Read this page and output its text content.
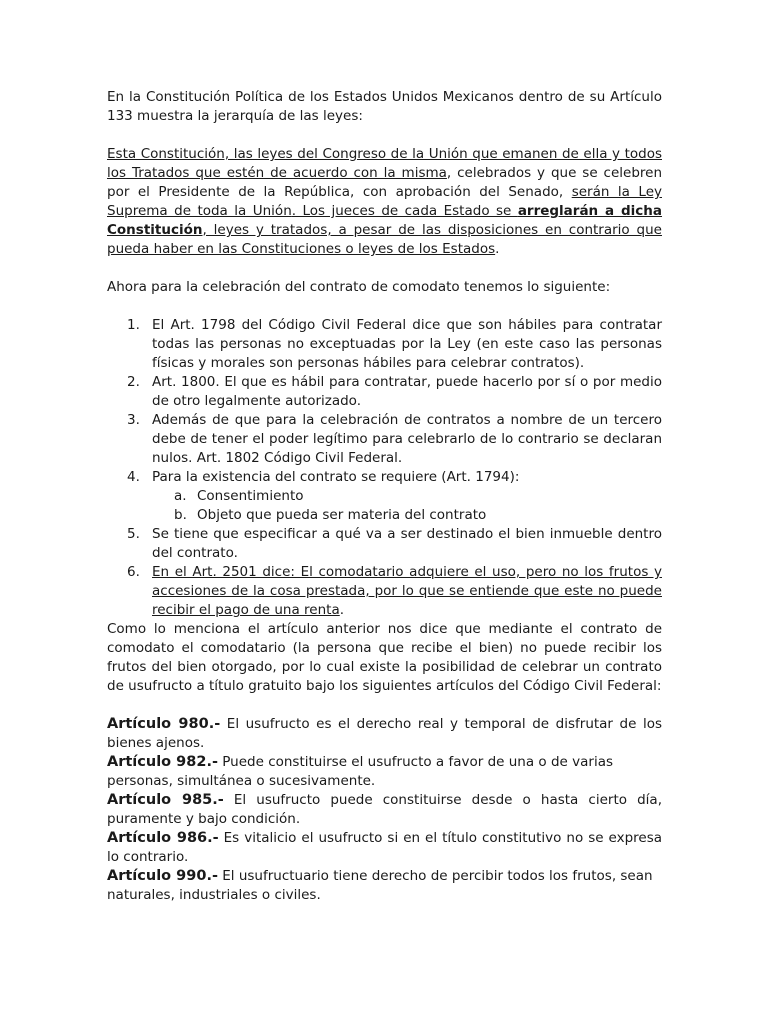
En la Constitución Política de los Estados Unidos Mexicanos dentro de su Artículo 133 muestra la jerarquía de las leyes:

Esta Constitución, las leyes del Congreso de la Unión que emanen de ella y todos los Tratados que estén de acuerdo con la misma, celebrados y que se celebren por el Presidente de la República, con aprobación del Senado, serán la Ley Suprema de toda la Unión. Los jueces de cada Estado se arreglarán a dicha Constitución, leyes y tratados, a pesar de las disposiciones en contrario que pueda haber en las Constituciones o leyes de los Estados.

Ahora para la celebración del contrato de comodato tenemos lo siguiente:

1. El Art. 1798 del Código Civil Federal dice que son hábiles para contratar todas las personas no exceptuadas por la Ley (en este caso las personas físicas y morales son personas hábiles para celebrar contratos).
2. Art. 1800. El que es hábil para contratar, puede hacerlo por sí o por medio de otro legalmente autorizado.
3. Además de que para la celebración de contratos a nombre de un tercero debe de tener el poder legítimo para celebrarlo de lo contrario se declaran nulos. Art. 1802 Código Civil Federal.
4. Para la existencia del contrato se requiere (Art. 1794):
a. Consentimiento
b. Objeto que pueda ser materia del contrato
5. Se tiene que especificar a qué va a ser destinado el bien inmueble dentro del contrato.
6. En el Art. 2501 dice: El comodatario adquiere el uso, pero no los frutos y accesiones de la cosa prestada, por lo que se entiende que este no puede recibir el pago de una renta.

Como lo menciona el artículo anterior nos dice que mediante el contrato de comodato el comodatario (la persona que recibe el bien) no puede recibir los frutos del bien otorgado, por lo cual existe la posibilidad de celebrar un contrato de usufructo a título gratuito bajo los siguientes artículos del Código Civil Federal:

Artículo 980.- El usufructo es el derecho real y temporal de disfrutar de los bienes ajenos.

Artículo 982.- Puede constituirse el usufructo a favor de una o de varias personas, simultánea o sucesivamente.

Artículo 985.- El usufructo puede constituirse desde o hasta cierto día, puramente y bajo condición.

Artículo 986.- Es vitalicio el usufructo si en el título constitutivo no se expresa lo contrario.

Artículo 990.- El usufructuario tiene derecho de percibir todos los frutos, sean naturales, industriales o civiles.
